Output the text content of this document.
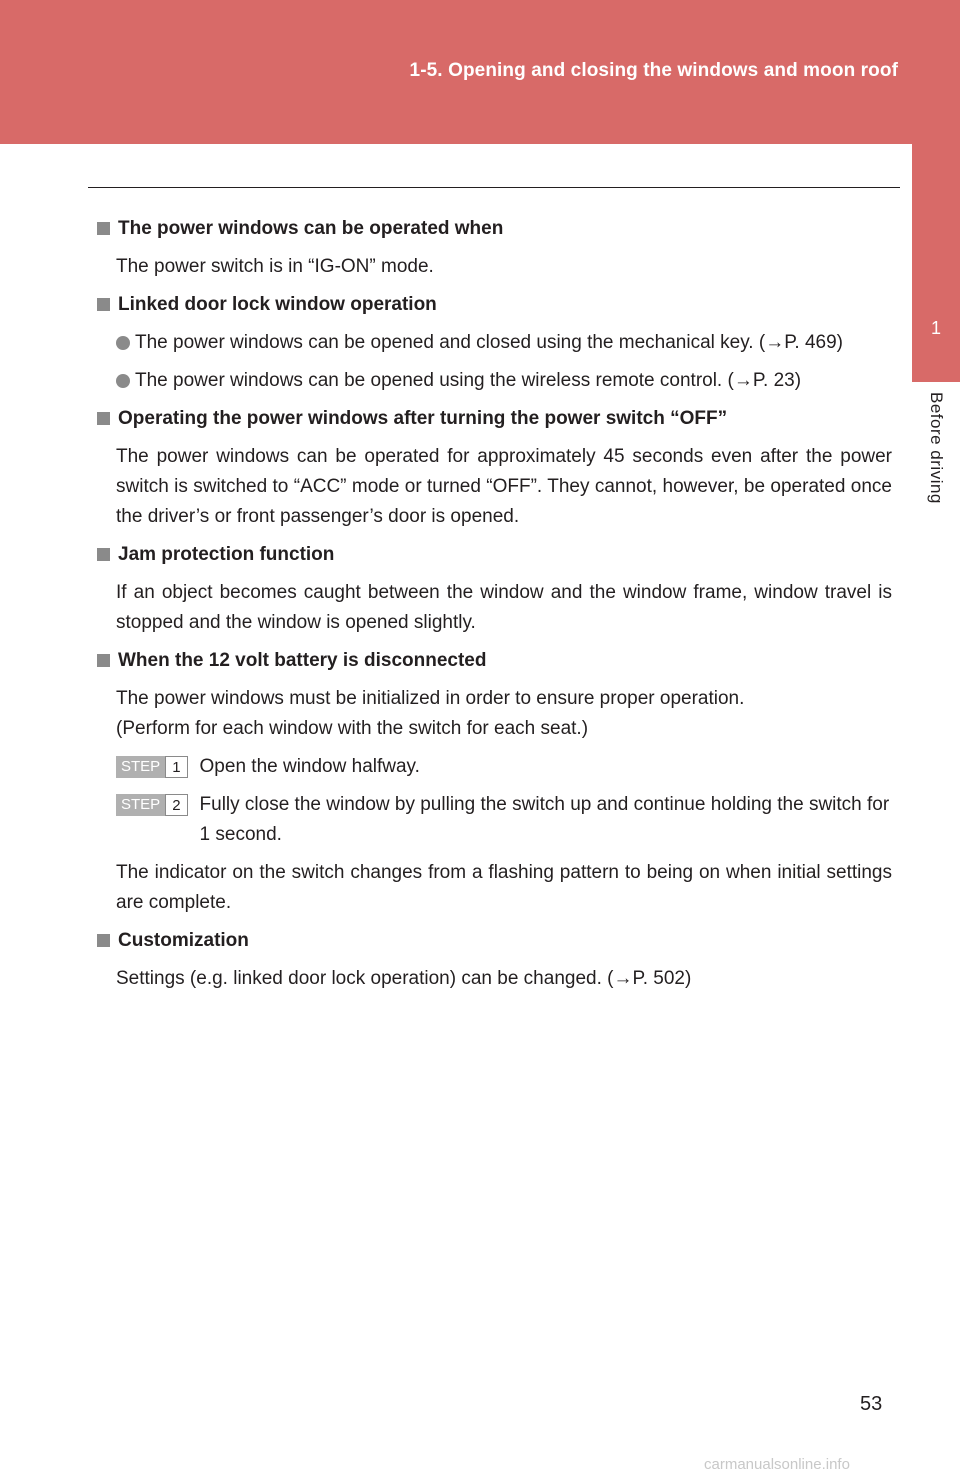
1-5. Opening and closing the windows and moon roof
1
Before driving
The power windows can be operated when

The power switch is in “IG-ON” mode.

Linked door lock window operation
The power windows can be opened and closed using the mechanical key. (→P. 469)
The power windows can be opened using the wireless remote control. (→P. 23)
Operating the power windows after turning the power switch “OFF”

The power windows can be operated for approximately 45 seconds even after the power switch is switched to “ACC” mode or turned “OFF”. They cannot, however, be operated once the driver’s or front passenger’s door is opened.

Jam protection function

If an object becomes caught between the window and the window frame, window travel is stopped and the window is opened slightly.

When the 12 volt battery is disconnected

The power windows must be initialized in order to ensure proper operation.

(Perform for each window with the switch for each seat.)

STEP 1	Open the window halfway.
STEP 2	Fully close the window by pulling the switch up and continue holding the switch for 1 second.

The indicator on the switch changes from a flashing pattern to being on when initial settings are complete.

Customization

Settings (e.g. linked door lock operation) can be changed. (→P. 502)

53
carmanualsonline.info
